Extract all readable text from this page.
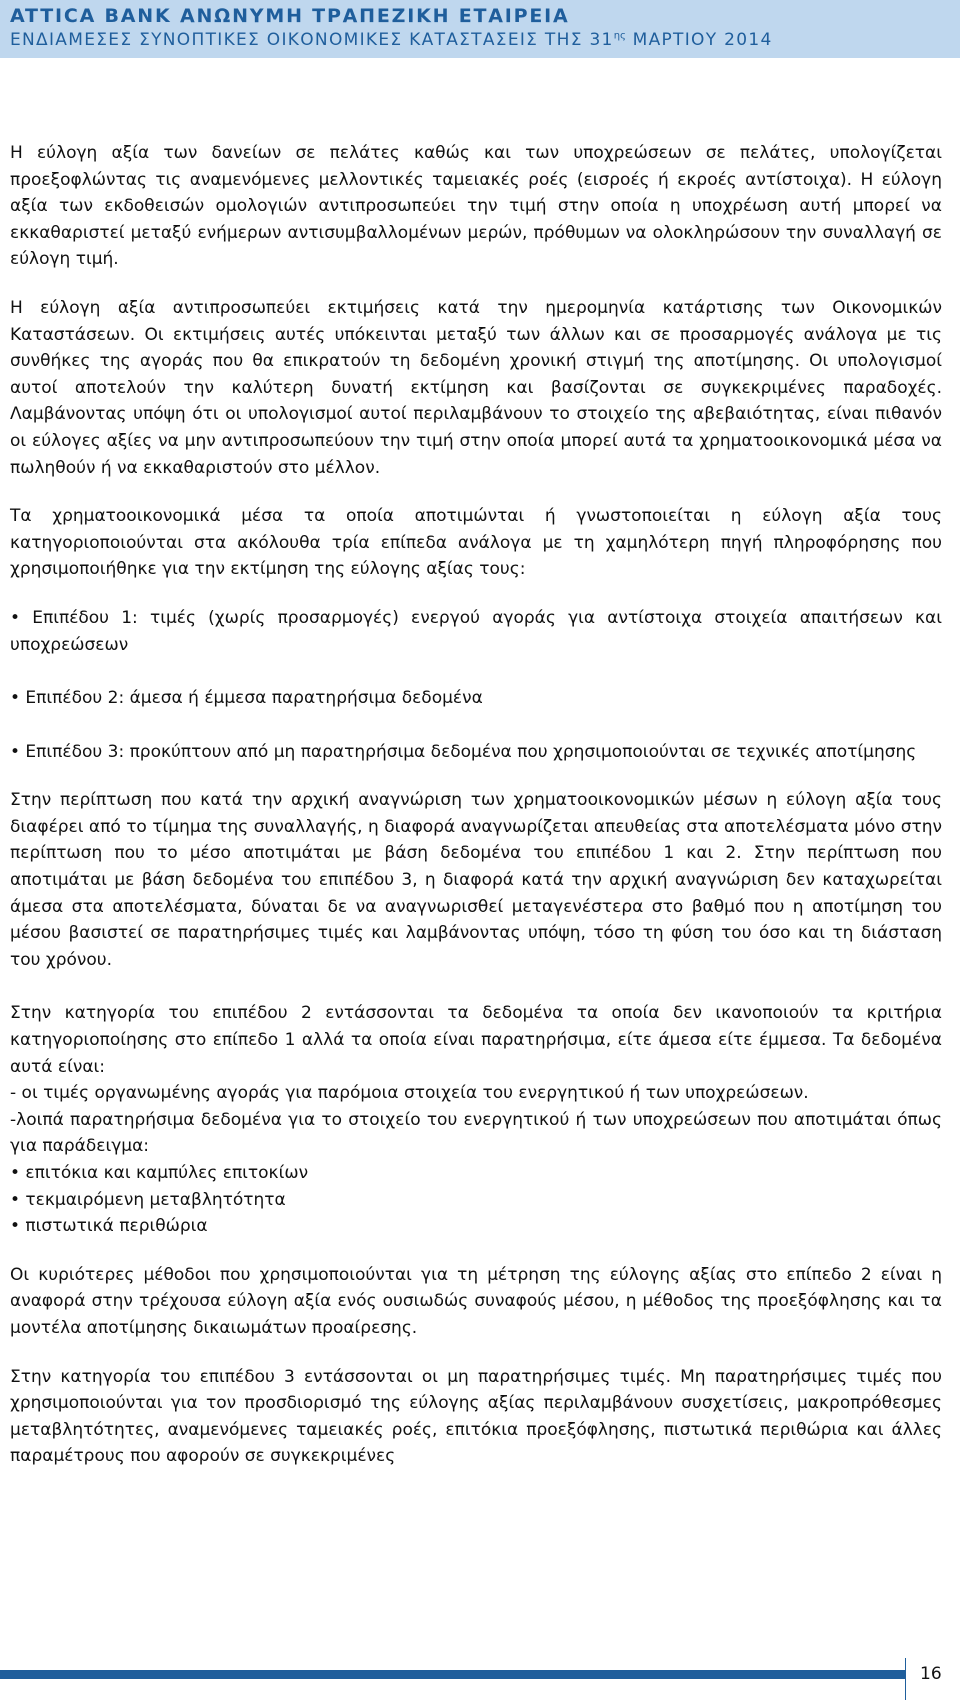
ATTICA BANK ΑΝΩΝΥΜΗ ΤΡΑΠΕΖΙΚΗ ΕΤΑΙΡΕΙΑ
ΕΝΔΙΑΜΕΣΕΣ ΣΥΝΟΠΤΙΚΕΣ ΟΙΚΟΝΟΜΙΚΕΣ ΚΑΤΑΣΤΑΣΕΙΣ ΤΗΣ $31^{\eta\varsigma}$ ΜΑΡΤΙΟΥ 2014

Η εύλογη αξία των δανείων σε πελάτες καθώς και των υποχρεώσεων σε πελάτες, υπολογίζεται προεξοφλώντας τις αναμενόμενες μελλοντικές ταμειακές ροές (εισροές ή εκροές αντίστοιχα). Η εύλογη αξία των εκδοθεισών ομολογιών αντιπροσωπεύει την τιμή στην οποία η υποχρέωση αυτή μπορεί να εκκαθαριστεί μεταξύ ενήμερων αντισυμβαλλομένων μερών, πρόθυμων να ολοκληρώσουν την συναλλαγή σε εύλογη τιμή.

Η εύλογη αξία αντιπροσωπεύει εκτιμήσεις κατά την ημερομηνία κατάρτισης των Οικονομικών Καταστάσεων. Οι εκτιμήσεις αυτές υπόκεινται μεταξύ των άλλων και σε προσαρμογές ανάλογα με τις συνθήκες της αγοράς που θα επικρατούν τη δεδομένη χρονική στιγμή της αποτίμησης. Οι υπολογισμοί αυτοί αποτελούν την καλύτερη δυνατή εκτίμηση και βασίζονται σε συγκεκριμένες παραδοχές. Λαμβάνοντας υπόψη ότι οι υπολογισμοί αυτοί περιλαμβάνουν το στοιχείο της αβεβαιότητας, είναι πιθανόν οι εύλογες αξίες να μην αντιπροσωπεύουν την τιμή στην οποία μπορεί αυτά τα χρηματοοικονομικά μέσα να πωληθούν ή να εκκαθαριστούν στο μέλλον.

Τα χρηματοοικονομικά μέσα τα οποία αποτιμώνται ή γνωστοποιείται η εύλογη αξία τους κατηγοριοποιούνται στα ακόλουθα τρία επίπεδα ανάλογα με τη χαμηλότερη πηγή πληροφόρησης που χρησιμοποιήθηκε για την εκτίμηση της εύλογης αξίας τους:

• Επιπέδου 1: τιμές (χωρίς προσαρμογές) ενεργού αγοράς για αντίστοιχα στοιχεία απαιτήσεων και υποχρεώσεων
• Επιπέδου 2: άμεσα ή έμμεσα παρατηρήσιμα δεδομένα
• Επιπέδου 3: προκύπτουν από μη παρατηρήσιμα δεδομένα που χρησιμοποιούνται σε τεχνικές αποτίμησης

Στην περίπτωση που κατά την αρχική αναγνώριση των χρηματοοικονομικών μέσων η εύλογη αξία τους διαφέρει από το τίμημα της συναλλαγής, η διαφορά αναγνωρίζεται απευθείας στα αποτελέσματα μόνο στην περίπτωση που το μέσο αποτιμάται με βάση δεδομένα του επιπέδου 1 και 2. Στην περίπτωση που αποτιμάται με βάση δεδομένα του επιπέδου 3, η διαφορά κατά την αρχική αναγνώριση δεν καταχωρείται άμεσα στα αποτελέσματα, δύναται δε να αναγνωρισθεί μεταγενέστερα στο βαθμό που η αποτίμηση του μέσου βασιστεί σε παρατηρήσιμες τιμές και λαμβάνοντας υπόψη, τόσο τη φύση του όσο και τη διάσταση του χρόνου.

Στην κατηγορία του επιπέδου 2 εντάσσονται τα δεδομένα τα οποία δεν ικανοποιούν τα κριτήρια κατηγοριοποίησης στο επίπεδο 1 αλλά τα οποία είναι παρατηρήσιμα, είτε άμεσα είτε έμμεσα. Τα δεδομένα αυτά είναι:
- οι τιμές οργανωμένης αγοράς για παρόμοια στοιχεία του ενεργητικού ή των υποχρεώσεων.
-λοιπά παρατηρήσιμα δεδομένα για το στοιχείο του ενεργητικού ή των υποχρεώσεων που αποτιμάται όπως για παράδειγμα:
• επιτόκια και καμπύλες επιτοκίων
• τεκμαιρόμενη μεταβλητότητα
• πιστωτικά περιθώρια

Οι κυριότερες μέθοδοι που χρησιμοποιούνται για τη μέτρηση της εύλογης αξίας στο επίπεδο 2 είναι η αναφορά στην τρέχουσα εύλογη αξία ενός ουσιωδώς συναφούς μέσου, η μέθοδος της προεξόφλησης και τα μοντέλα αποτίμησης δικαιωμάτων προαίρεσης.

Στην κατηγορία του επιπέδου 3 εντάσσονται οι μη παρατηρήσιμες τιμές. Μη παρατηρήσιμες τιμές που χρησιμοποιούνται για τον προσδιορισμό της εύλογης αξίας περιλαμβάνουν συσχετίσεις, μακροπρόθεσμες μεταβλητότητες, αναμενόμενες ταμειακές ροές, επιτόκια προεξόφλησης, πιστωτικά περιθώρια και άλλες παραμέτρους που αφορούν σε συγκεκριμένες

16
